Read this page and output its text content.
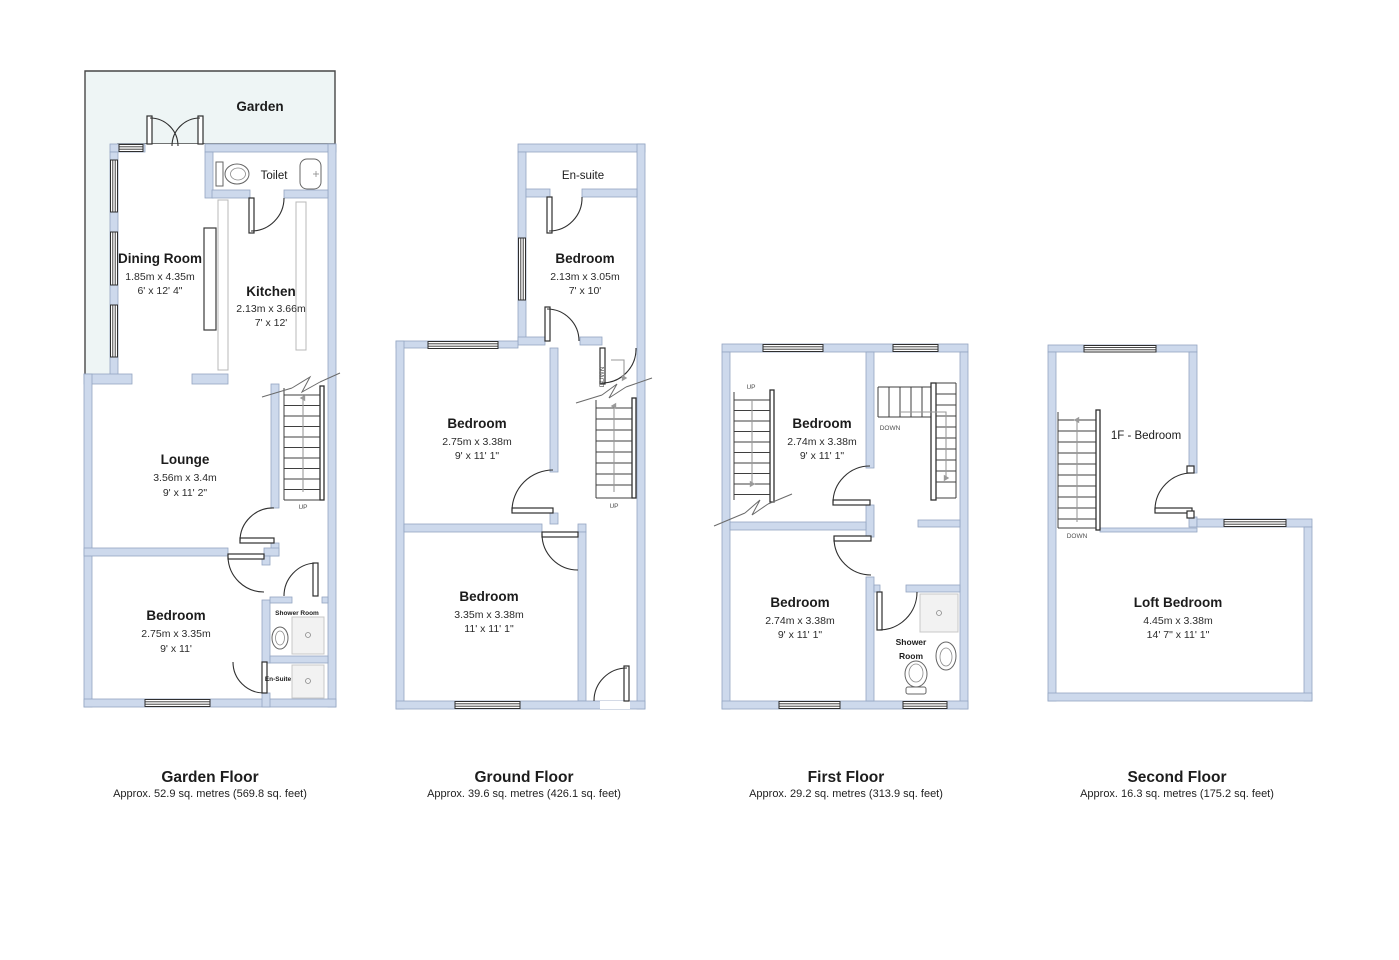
UP
Garden
Dining Room
1.85m x 4.35m
6' x 12' 4"	Kitchen
2.13m x 3.66m
7' x 12'
Toilet
Lounge
3.56m x 3.4m
9' x 11' 2"
Bedroom
2.75m x 3.35m
9' x 11'
Shower Room
En-Suite
UP
DOWN
En-suite
Bedroom
2.13m x 3.05m
7' x 10'
Bedroom
2.75m x 3.38m
9' x 11' 1"
Bedroom
3.35m x 3.38m
11' x 11' 1"
UP
DOWN
Bedroom
2.74m x 3.38m
9' x 11' 1"
Bedroom
2.74m x 3.38m
9' x 11' 1"
Shower
Room
DOWN
1F - Bedroom
Loft Bedroom
4.45m x 3.38m
14' 7" x 11' 1"
Garden Floor
Approx. 52.9 sq. metres (569.8 sq. feet)
Ground Floor
Approx. 39.6 sq. metres (426.1 sq. feet)
First Floor
Approx. 29.2 sq. metres (313.9 sq. feet)
Second Floor
Approx. 16.3 sq. metres (175.2 sq. feet)
